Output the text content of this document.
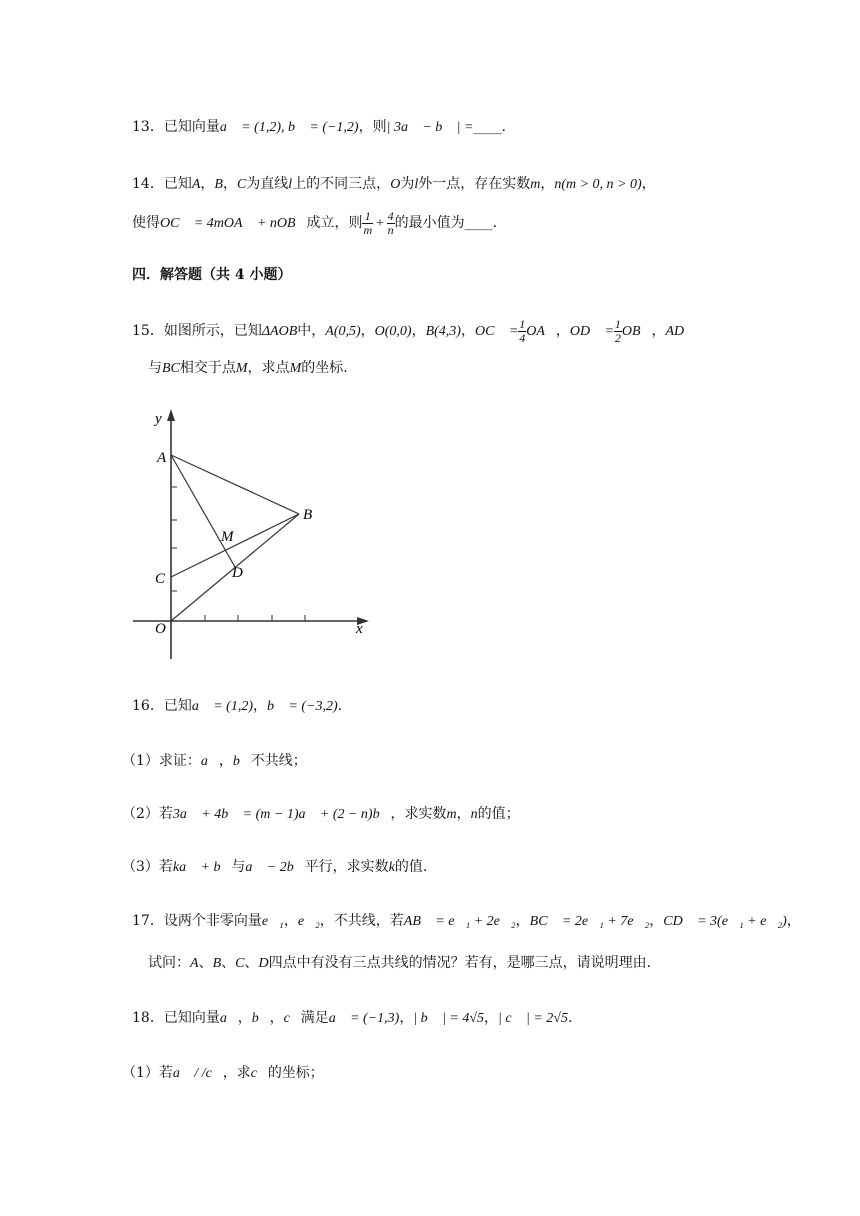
13．已知向量a⃗ = (1,2), b⃗ = (−1,2)，则| 3a⃗ − b⃗ | =____.
14．已知A，B，C为直线l上的不同三点，O为l外一点，存在实数m，n(m > 0, n > 0)，
使得OC⃗ = 4mOA⃗ + nOB⃗成立，则 $\frac{1}{m} + \frac{4}{n}$ 的最小值为____.
四．解答题（共 4 小题）
15．如图所示，已知ΔAOB中，A(0,5)，O(0,0)，B(4,3)，OC⃗ = $\frac{1}{4}$ OA⃗，OD⃗ = $\frac{1}{2}$ OB⃗，AD
与BC相交于点M，求点M的坐标.
y
x
A
B
C	D
M
O
16．已知a⃗ = (1,2)，b⃗ = (−3,2).
（1）求证：a⃗，b⃗不共线；
（2）若3a⃗ + 4b⃗ = (m − 1)a⃗ + (2 − n)b⃗，求实数m，n的值；
（3）若ka⃗ + b⃗与a⃗ − 2b⃗平行，求实数k的值.
17．设两个非零向量e⃗₁，e⃗₂，不共线，若AB⃗ = e⃗₁ + 2e⃗₂，BC⃗ = 2e⃗₁ + 7e⃗₂，CD⃗ = 3(e⃗₁ + e⃗₂)，
试问：A、B、C、D四点中有没有三点共线的情况？若有，是哪三点，请说明理由.
18．已知向量a⃗，b⃗，c⃗满足a⃗ = (−1,3)，| b⃗ | = 4√5，| c⃗ | = 2√5.
（1）若a⃗ / /c⃗，求c⃗的坐标；
